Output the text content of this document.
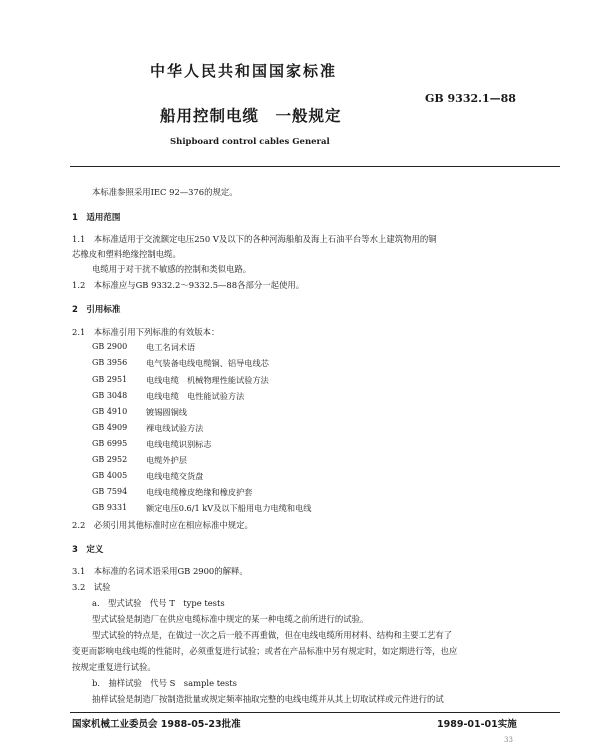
中华人民共和国国家标准
GB 9332.1—88
船用控制电缆　一般规定
Shipboard control cables General
本标准参照采用IEC 92—376的规定。
1　适用范围
1.1　本标准适用于交流额定电压250 V及以下的各种河海船舶及海上石油平台等水上建筑物用的铜
芯橡皮和塑料绝缘控制电缆。
电缆用于对干扰不敏感的控制和类似电路。
1.2　本标准应与GB 9332.2～9332.5—88各部分一起使用。
2　引用标准
2.1　本标准引用下列标准的有效版本：
GB 2900 电工名词术语
GB 3956 电气装备电线电缆铜、铝导电线芯
GB 2951 电线电缆　机械物理性能试验方法
GB 3048 电线电缆　电性能试验方法
GB 4910 镀锡圆铜线
GB 4909 裸电线试验方法
GB 6995 电线电缆识别标志
GB 2952 电缆外护层
GB 4005 电线电缆交货盘
GB 7594 电线电缆橡皮绝缘和橡皮护套
GB 9331 额定电压0.6/1 kV及以下船用电力电缆和电线
2.2　必须引用其他标准时应在相应标准中规定。
3　定义
3.1　本标准的名词术语采用GB 2900的解释。
3.2　试验
a.　型式试验　代号 T　type tests
型式试验是制造厂在供应电缆标准中规定的某一种电缆之前所进行的试验。
型式试验的特点是，在做过一次之后一般不再重做，但在电线电缆所用材料、结构和主要工艺有了
变更而影响电线电缆的性能时，必须重复进行试验；或者在产品标准中另有规定时，如定期进行等，也应
按规定重复进行试验。
b.　抽样试验　代号 S　sample tests
抽样试验是制造厂按制造批量或规定频率抽取完整的电线电缆并从其上切取试样或元件进行的试
国家机械工业委员会 1988-05-23批准	1989-01-01实施
33
